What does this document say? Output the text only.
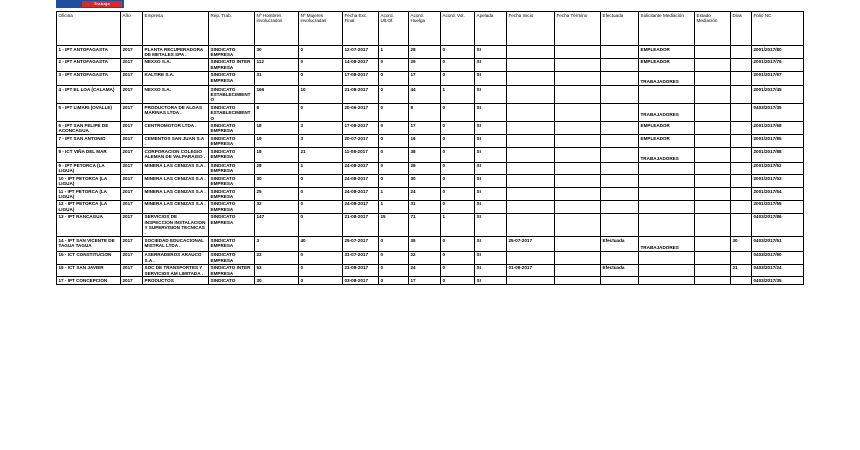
Trabajo
Oficina	Año	Empresa	Rep. Trab.	Nº Hombres involucrados	Nº Mujeres involucradas	Fecha Exc. Final	Acord. Ult.Of.	Acord. Huelga	Acord. Vol.	Apelada	Fecha Inicio	Fecha Término	Efectuada	Solicitante Mediación	Estado Mediación	Días	Folio NC
1 - IPT ANTOFAGASTA	2017	PLANTA RECUPERADORA DE METALES SPA .	SINDICATO EMPRESA	30	0	12-07-2017	1	28	0	SI				EMPLEADOR			2001/2017/80
2 - IPT ANTOFAGASTA	2017	NEXXO S.A.	SINDICATO INTER EMPRESA	112	0	14-08-2017	0	29	0	SI				EMPLEADOR			2001/2017/76
3 - IPT ANTOFAGASTA	2017	KALTIRE S.A.	SINDICATO EMPRESA	31	0	17-08-2017	0	17	0	SI				TRABAJADORES			2001/2017/97
4 - IPT EL LOA (CALAMA)	2017	NEXXO S.A.	SINDICATO ESTABLECIMIENTO	166	10	21-08-2017	0	44	1	SI							2001/2017/45
5 - IPT LIMARI (OVALLE)	2017	PRODUCTORA DE ALGAS MARINAS LTDA .	SINDICATO ESTABLECIMIENTO	8	0	20-06-2017	0	8	0	SI				TRABAJADORES			0403/2017/35
6 - IPT SAN FELIPE DE ACONCAGUA	2017	CENTROMOTOR LTDA .	SINDICATO EMPRESA	18	3	17-08-2017	0	17	0	SI				EMPLEADOR			2001/2017/68
7 - IPT SAN ANTONIO	2017	CEMENTOS SAN JUAN S.A .	SINDICATO EMPRESA	19	3	20-07-2017	0	16	0	SI				EMPLEADOR			2001/2017/85
8 - ICT VIÑA DEL MAR	2017	CORPORACION COLEGIO ALEMAN DE VALPARAISO .	SINDICATO EMPRESA	18	21	11-08-2017	0	38	0	SI				TRABAJADORES			2001/2017/88
9 - IPT PETORCA (LA LIGUA)	2017	MINERA LAS CENIZAS S.A .	SINDICATO EMPRESA	28	1	24-08-2017	0	28	0	SI							2001/2017/52
10 - IPT PETORCA (LA LIGUA)	2017	MINERA LAS CENIZAS S.A .	SINDICATO EMPRESA	30	0	24-08-2017	0	30	0	SI							2001/2017/53
11 - IPT PETORCA (LA LIGUA)	2017	MINERA LAS CENIZAS S.A .	SINDICATO EMPRESA	25	0	24-08-2017	1	24	0	SI							2001/2017/54
12 - IPT PETORCA (LA LIGUA)	2017	MINERA LAS CENIZAS S.A .	SINDICATO EMPRESA	32	0	24-08-2017	1	31	0	SI							2001/2017/55
13 - IPT RANCAGUA	2017	SERVICIOS DE INSPECCION INSTALACION Y SUPERVISION TECNICAS .	SINDICATO EMPRESA	147	0	21-08-2017	15	71	1	SI							0403/2017/86
14 - IPT SAN VICENTE DE TAGUA TAGUA	2017	SOCIEDAD EDUCACIONAL MISTRAL LTDA .	SINDICATO EMPRESA	3	40	25-07-2017	0	35	0	SI	25-07-2017		Efectuada	TRABAJADORES		30	0403/2017/51
15 - ICT CONSTITUCION	2017	ASERRADEROS ARAUCO S.A .	SINDICATO EMPRESA	22	0	31-07-2017	0	22	0	SI							0403/2017/90
16 - ICT SAN JAVIER	2017	SOC DE TRANSPORTES Y SERVICIOS AM LIMITADA .	SINDICATO INTER EMPRESA	53	0	21-08-2017	0	24	0	SI	01-09-2017		Efectuada			21	0403/2017/24
17 - IPT CONCEPCION	2017	PRODUCTOS	SINDICATO	30	0	03-08-2017	0	17	0	SI							0403/2017/35
